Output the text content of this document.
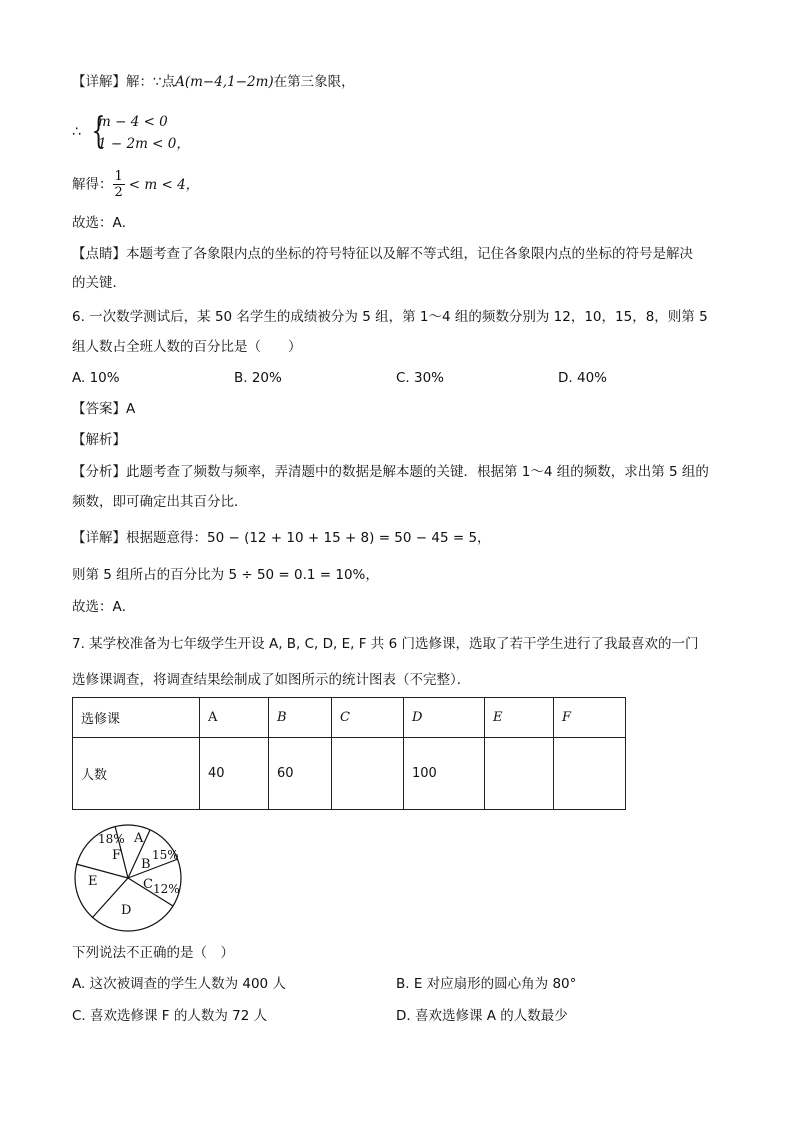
【详解】解：∵点A(m−4,1−2m)在第三象限，
∴ {
m − 4 < 0
1 − 2m < 0，
解得： $\frac{1}{2} < m < 4$，
故选：A．
【点睛】本题考查了各象限内点的坐标的符号特征以及解不等式组，记住各象限内点的坐标的符号是解决
的关键．
6. 一次数学测试后，某 50 名学生的成绩被分为 5 组，第 1～4 组的频数分别为 12，10，15，8，则第 5
组人数占全班人数的百分比是（　　）
A. 10%	B. 20%	C. 30%	D. 40%
【答案】A
【解析】
【分析】此题考查了频数与频率，弄清题中的数据是解本题的关键．根据第 1～4 组的频数，求出第 5 组的
频数，即可确定出其百分比．
【详解】根据题意得：50 − (12 + 10 + 15 + 8) = 50 − 45 = 5，
则第 5 组所占的百分比为 5 ÷ 50 = 0.1 = 10%，
故选：A．
7. 某学校准备为七年级学生开设 A, B, C, D, E, F 共 6 门选修课，选取了若干学生进行了我最喜欢的一门
选修课调查，将调查结果绘制成了如图所示的统计图表（不完整）．
选修课	A	B	C	D	E	F
人数	40	60		100		
A
B
C
D
E
F
18%
15%
12%
下列说法不正确的是（　）
A. 这次被调查的学生人数为 400 人	B. E 对应扇形的圆心角为 80°
C. 喜欢选修课 F 的人数为 72 人	D. 喜欢选修课 A 的人数最少
